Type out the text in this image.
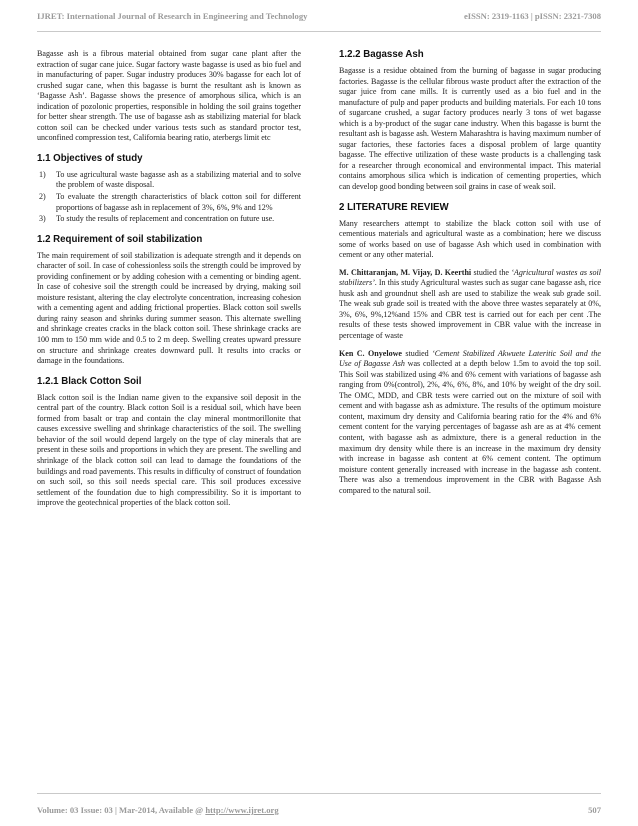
IJRET: International Journal of Research in Engineering and Technology	eISSN: 2319-1163 | pISSN: 2321-7308

Bagasse ash is a fibrous material obtained from sugar cane plant after the extraction of sugar cane juice. Sugar factory waste bagasse is used as bio fuel and in manufacturing of paper. Sugar industry produces 30% bagasse for each lot of crushed sugar cane, when this bagasse is burnt the resultant ash is known as ‘Bagasse Ash’. Bagasse shows the presence of amorphous silica, which is an indication of pozolonic properties, responsible in holding the soil grains together for better shear strength. The use of bagasse ash as stabilizing material for black cotton soil can be checked under various tests such as standard proctor test, unconfined compression test, California bearing ratio, aterbergs limit etc

1.1 Objectives of study
1)	To use agricultural waste bagasse ash as a stabilizing material and to solve the problem of waste disposal.
2)	To evaluate the strength characteristics of black cotton soil for different proportions of bagasse ash in replacement of 3%, 6%, 9% and 12%
3)	To study the results of replacement and concentration on future use.
1.2 Requirement of soil stabilization

The main requirement of soil stabilization is adequate strength and it depends on character of soil. In case of cohessionless soils the strength could be improved by providing confinement or by adding cohesion with a cementing or binding agent. In case of cohesive soil the strength could be increased by drying, making soil moisture resistant, altering the clay electrolyte concentration, increasing cohesion with a cementing agent and adding frictional properties. Black cotton soil swells during rainy season and shrinks during summer season. This alternate swelling and shrinkage creates cracks in the black cotton soil. These shrinkage cracks are 100 mm to 150 mm wide and 0.5 to 2 m deep. Swelling creates upward pressure on structure and shrinkage creates downward pull. It results into cracks or damage in the foundations.

1.2.1 Black Cotton Soil

Black cotton soil is the Indian name given to the expansive soil deposit in the central part of the country. Black cotton Soil is a residual soil, which have been formed from basalt or trap and contain the clay mineral montmorillonite that causes excessive swelling and shrinkage characteristics of the soil. The swelling behavior of the soil would depend largely on the type of clay minerals that are present in these soils and proportions in which they are present. The swelling and shrinkage of the black cotton soil can lead to damage the foundations of the buildings and road pavements. This results in difficulty of construct of foundation on such soil, so this soil needs special care. This soil produces excessive settlement of the foundation due to high compressibility. So it is important to improve the geotechnical properties of the black cotton soil.

1.2.2 Bagasse Ash

Bagasse is a residue obtained from the burning of bagasse in sugar producing factories. Bagasse is the cellular fibrous waste product after the extraction of the sugar juice from cane mills. It is currently used as a bio fuel and in the manufacture of pulp and paper products and building materials. For each 10 tons of sugarcane crushed, a sugar factory produces nearly 3 tons of wet bagasse which is a by-product of the sugar cane industry. When this bagasse is burnt the resultant ash is bagasse ash. Western Maharashtra is having maximum number of sugar factories, these factories faces a disposal problem of large quantity bagasse. The effective utilization of these waste products is a challenging task for a researcher through economical and environmental impact. This material contains amorphous silica which is indication of cementing properties, which can develop good bonding between soil grains in case of weak soil.

2 LITERATURE REVIEW

Many researchers attempt to stabilize the black cotton soil with use of cementious materials and agricultural waste as a combination; here we discuss some of works based on use of bagasse Ash which used in combination with cement or any other material.

M. Chittaranjan, M. Vijay, D. Keerthi studied the ‘Agricultural wastes as soil stabilizers’. In this study Agricultural wastes such as sugar cane bagasse ash, rice husk ash and groundnut shell ash are used to stabilize the weak sub grade soil. The weak sub grade soil is treated with the above three wastes separately at 0%, 3%, 6%, 9%,12%and 15% and CBR test is carried out for each per cent .The results of these tests showed improvement in CBR value with the increase in percentage of waste

Ken C. Onyelowe studied ‘Cement Stabilized Akwuete Lateritic Soil and the Use of Bagasse Ash was collected at a depth below 1.5m to avoid the top soil. This Soil was stabilized using 4% and 6% cement with variations of bagasse ash ranging from 0%(control), 2%, 4%, 6%, 8%, and 10% by weight of the dry soil. The OMC, MDD, and CBR tests were carried out on the mixture of soil with cement and with bagasse ash as admixture. The results of the optimum moisture content, maximum dry density and California bearing ratio for the 4% and 6% cement content for the varying percentages of bagasse ash are as at 4% cement content, with bagasse ash as admixture, there is a general reduction in the maximum dry density while there is an increase in the maximum dry density with increase in bagasse ash content at 6% cement content. The optimum moisture content generally increased with increase in the bagasse ash content. There was also a tremendous improvement in the CBR with Bagasse Ash compared to the natural soil.

Volume: 03 Issue: 03 | Mar-2014, Available @ http://www.ijret.org	507
